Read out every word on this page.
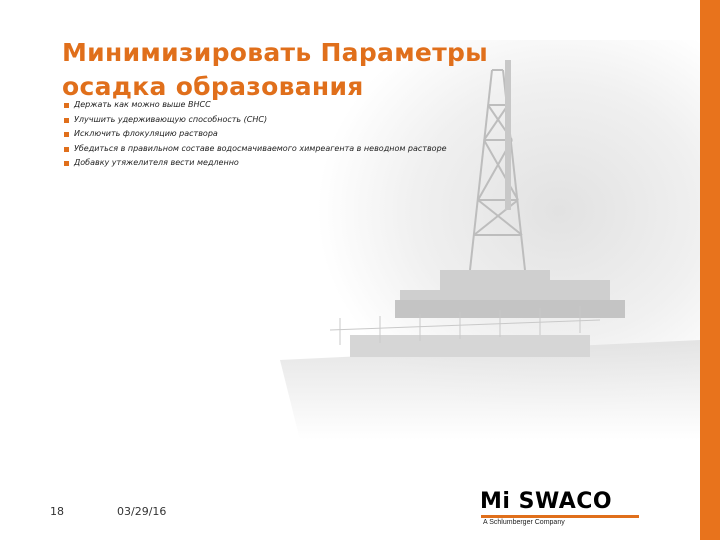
Минимизировать Параметры
осадка образования
Держать как можно выше ВНСС
Улучшить удерживающую способность (СНС)
Исключить флокуляцию раствора
Убедиться в правильном составе водосмачиваемого химреагента в неводном растворе
Добавку утяжелителя вести медленно
18	03/29/16	Mi SWACO
A Schlumberger Company
